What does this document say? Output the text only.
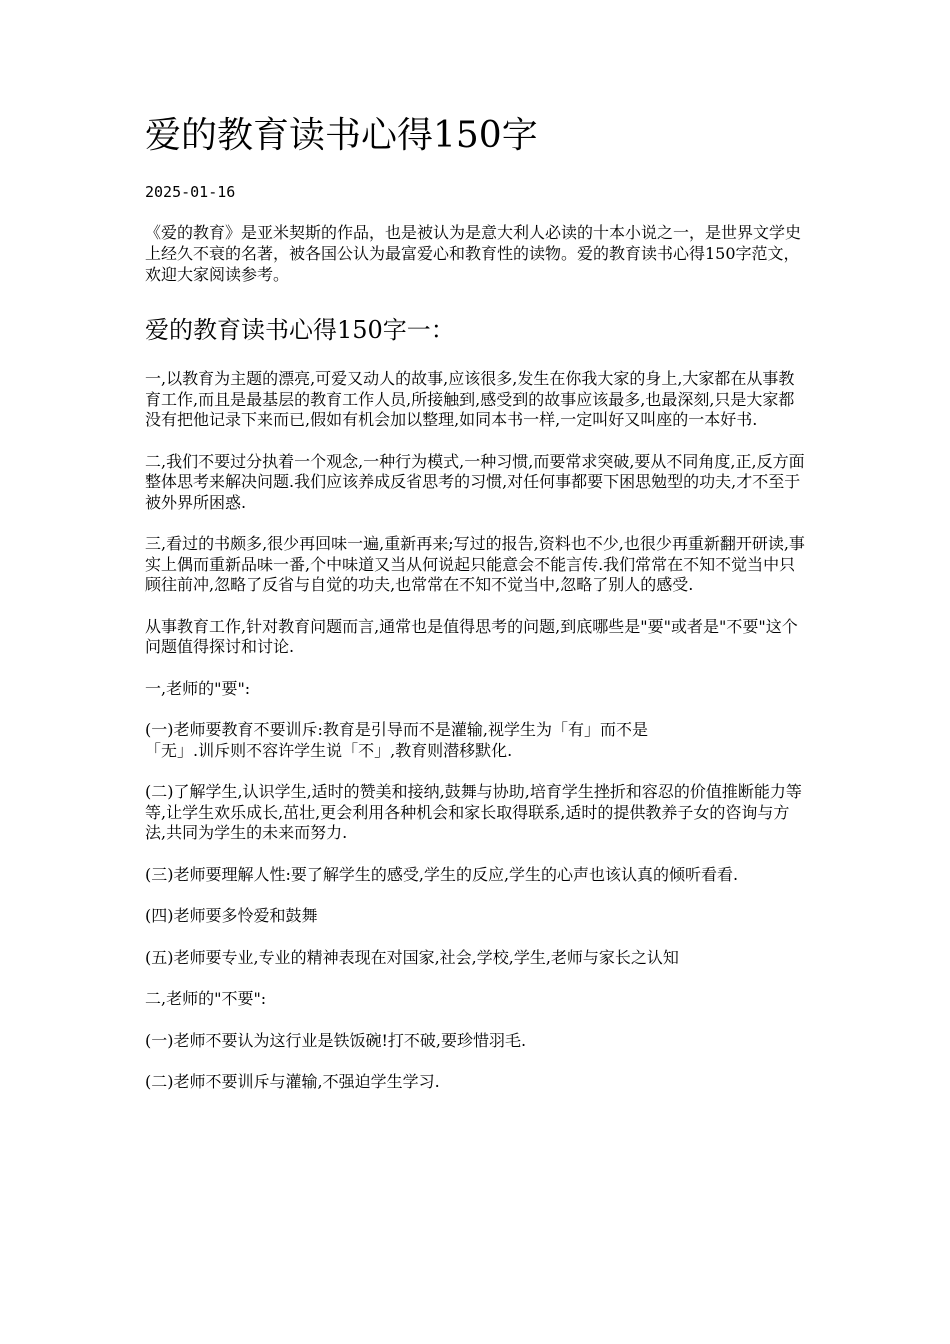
爱的教育读书心得150字
2025-01-16
《爱的教育》是亚米契斯的作品，也是被认为是意大利人必读的十本小说之一，是世界文学史上经久不衰的名著，被各国公认为最富爱心和教育性的读物。爱的教育读书心得150字范文，欢迎大家阅读参考。
爱的教育读书心得150字一：

一,以教育为主题的漂亮,可爱又动人的故事,应该很多,发生在你我大家的身上,大家都在从事教育工作,而且是最基层的教育工作人员,所接触到,感受到的故事应该最多,也最深刻,只是大家都没有把他记录下来而已,假如有机会加以整理,如同本书一样,一定叫好又叫座的一本好书.

二,我们不要过分执着一个观念,一种行为模式,一种习惯,而要常求突破,要从不同角度,正,反方面整体思考来解决问题.我们应该养成反省思考的习惯,对任何事都要下困思勉型的功夫,才不至于被外界所困惑.

三,看过的书颇多,很少再回味一遍,重新再来;写过的报告,资料也不少,也很少再重新翻开研读,事实上偶而重新品味一番,个中味道又当从何说起只能意会不能言传.我们常常在不知不觉当中只顾往前冲,忽略了反省与自觉的功夫,也常常在不知不觉当中,忽略了别人的感受.

从事教育工作,针对教育问题而言,通常也是值得思考的问题,到底哪些是"要"或者是"不要"这个问题值得探讨和讨论.

一,老师的"要":

(一)老师要教育不要训斥:教育是引导而不是灌输,视学生为「有」而不是
「无」.训斥则不容许学生说「不」,教育则潜移默化.

(二)了解学生,认识学生,适时的赞美和接纳,鼓舞与协助,培育学生挫折和容忍的价值推断能力等等,让学生欢乐成长,茁壮,更会利用各种机会和家长取得联系,适时的提供教养子女的咨询与方法,共同为学生的未来而努力.

(三)老师要理解人性:要了解学生的感受,学生的反应,学生的心声也该认真的倾听看看.

(四)老师要多怜爱和鼓舞

(五)老师要专业,专业的精神表现在对国家,社会,学校,学生,老师与家长之认知

二,老师的"不要":

(一)老师不要认为这行业是铁饭碗!打不破,要珍惜羽毛.

(二)老师不要训斥与灌输,不强迫学生学习.
